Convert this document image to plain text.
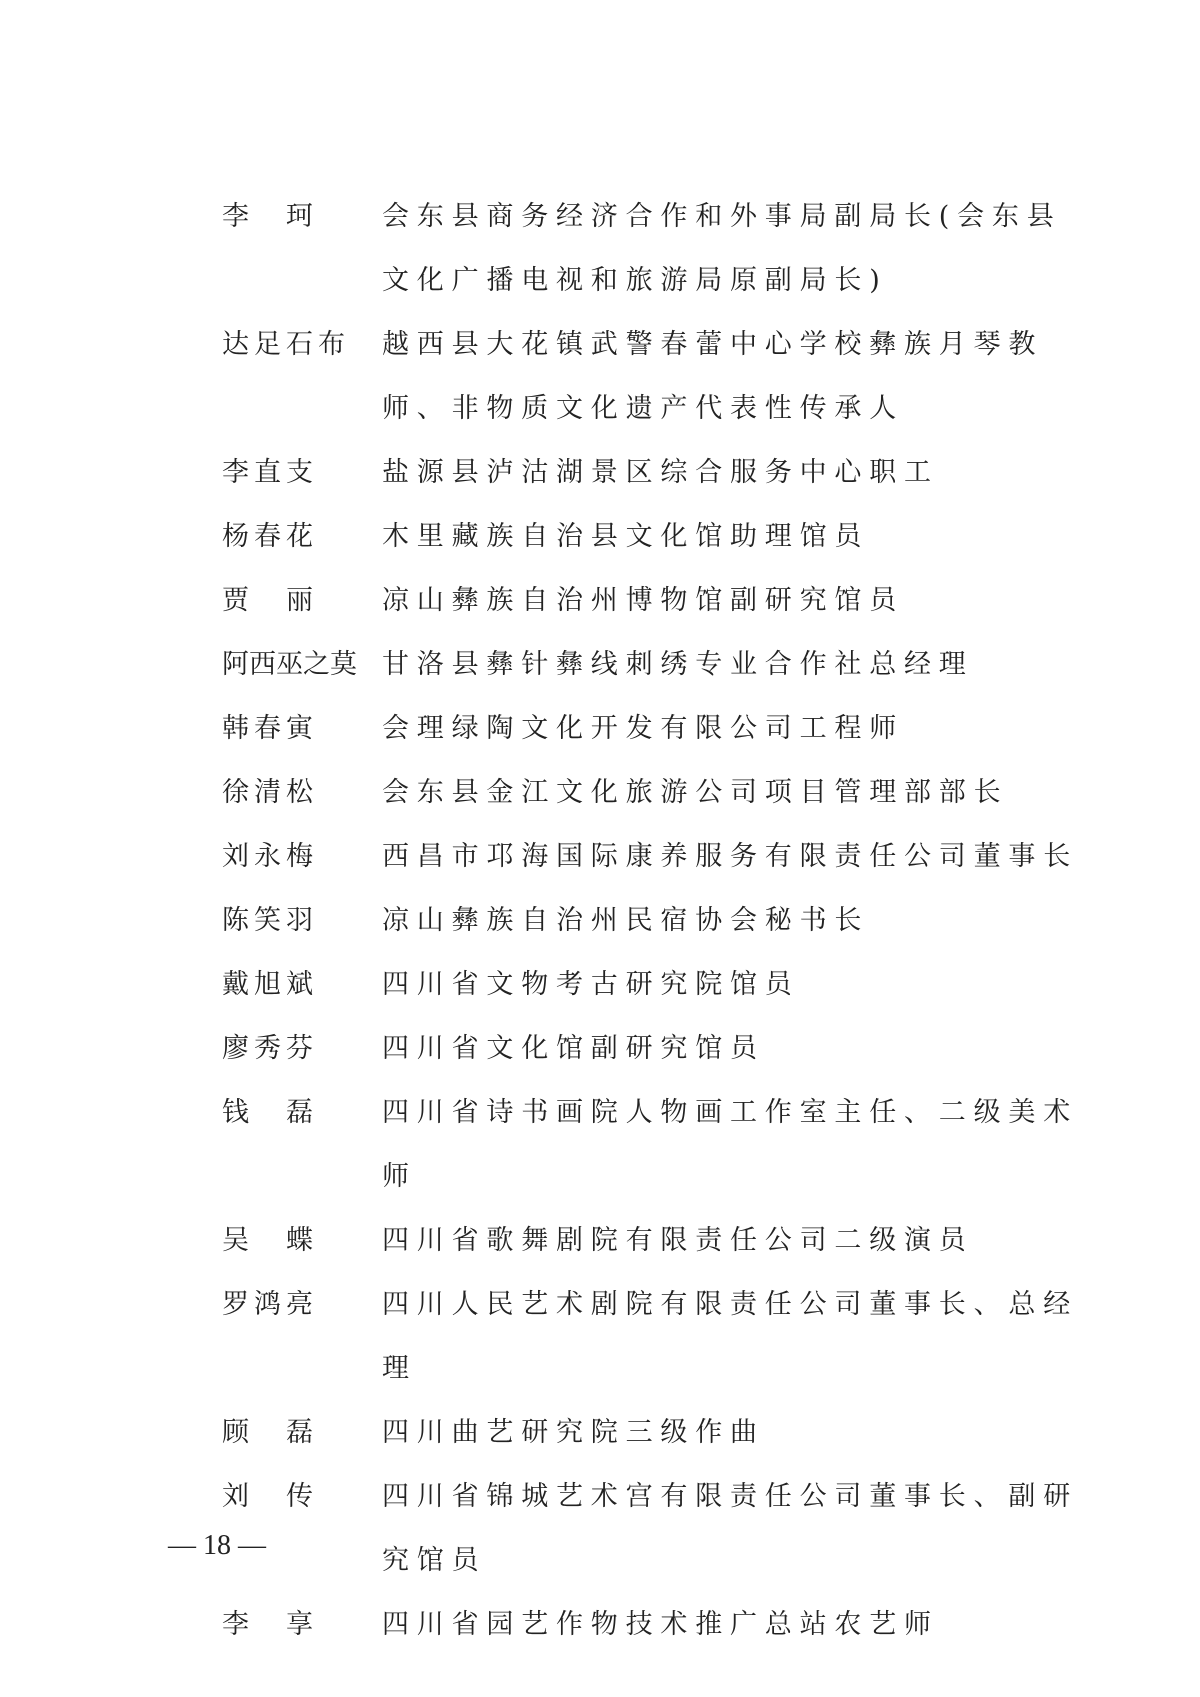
李　珂	会东县商务经济合作和外事局副局长(会东县文化广播电视和旅游局原副局长)
达足石布	越西县大花镇武警春蕾中心学校彝族月琴教师、非物质文化遗产代表性传承人
李直支	盐源县泸沽湖景区综合服务中心职工
杨春花	木里藏族自治县文化馆助理馆员
贾　丽	凉山彝族自治州博物馆副研究馆员
阿西巫之莫 甘洛县彝针彝线刺绣专业合作社总经理
韩春寅	会理绿陶文化开发有限公司工程师
徐清松	会东县金江文化旅游公司项目管理部部长
刘永梅	西昌市邛海国际康养服务有限责任公司董事长
陈笑羽	凉山彝族自治州民宿协会秘书长
戴旭斌	四川省文物考古研究院馆员
廖秀芬	四川省文化馆副研究馆员
钱　磊	四川省诗书画院人物画工作室主任、二级美术师
吴　蝶	四川省歌舞剧院有限责任公司二级演员
罗鸿亮	四川人民艺术剧院有限责任公司董事长、总经理
顾　磊	四川曲艺研究院三级作曲
刘　传	四川省锦城艺术宫有限责任公司董事长、副研究馆员
李　享	四川省园艺作物技术推广总站农艺师
— 18 —
